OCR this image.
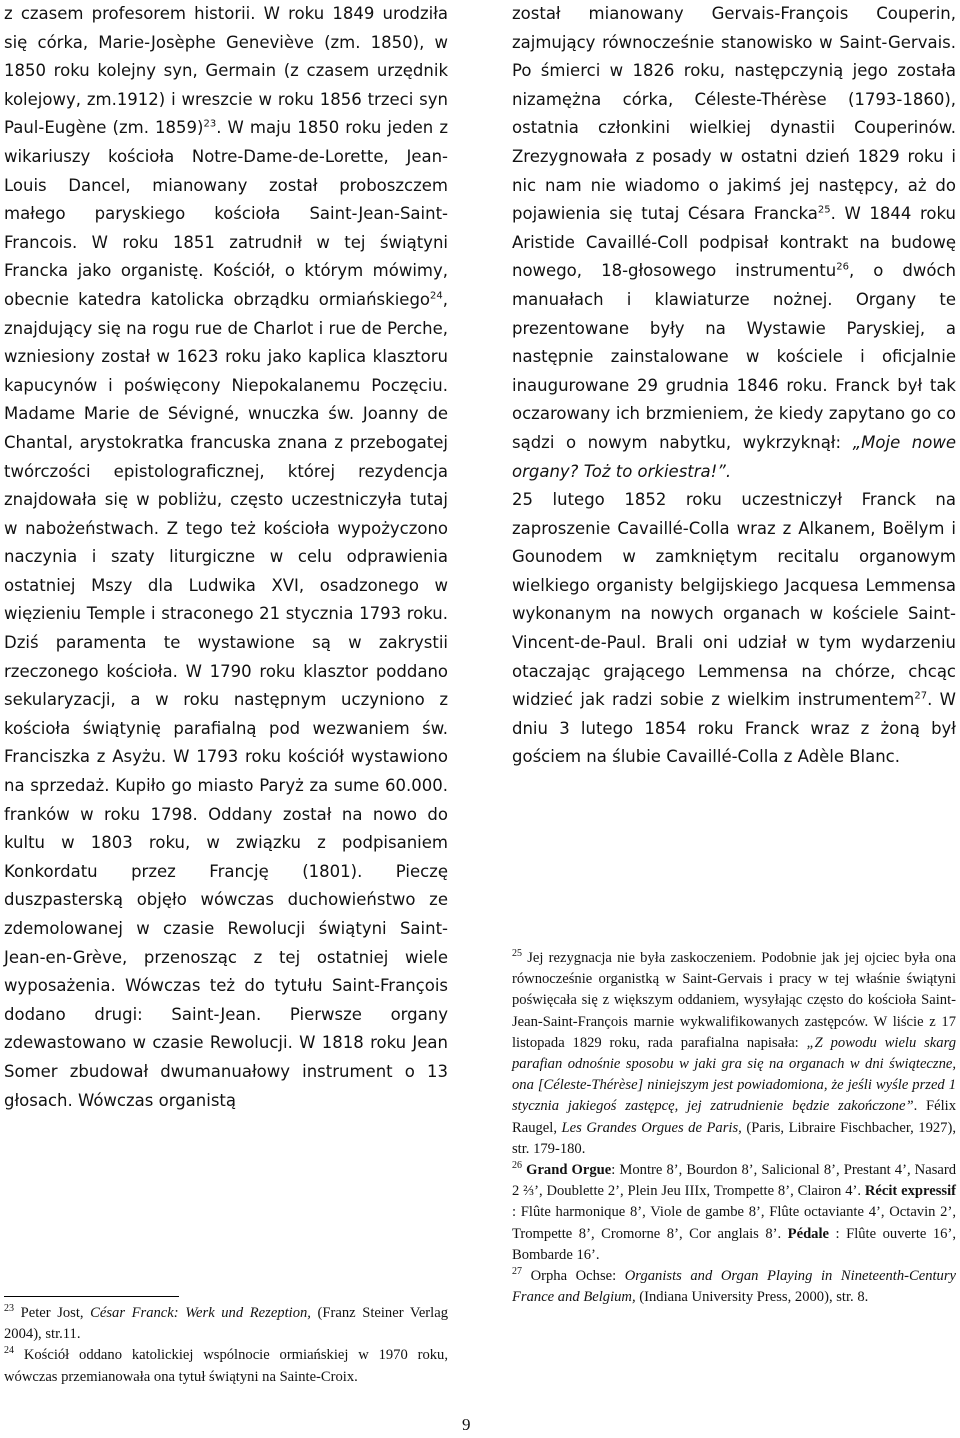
z czasem profesorem historii. W roku 1849 urodziła się córka, Marie-Josèphe Geneviève (zm. 1850), w 1850 roku kolejny syn, Germain (z czasem urzędnik kolejowy, zm.1912) i wreszcie w roku 1856 trzeci syn Paul-Eugène (zm. 1859)$^{23}$. W maju 1850 roku jeden z wikariuszy kościoła Notre-Dame-de-Lorette, Jean-Louis Dancel, mianowany został proboszczem małego paryskiego kościoła Saint-Jean-Saint-Francois. W roku 1851 zatrudnił w tej świątyni Francka jako organistę. Kościół, o którym mówimy, obecnie katedra katolicka obrządku ormiańskiego$^{24}$, znajdujący się na rogu rue de Charlot i rue de Perche, wzniesiony został w 1623 roku jako kaplica klasztoru kapucynów i poświęcony Niepokalanemu Poczęciu. Madame Marie de Sévigné, wnuczka św. Joanny de Chantal, arystokratka francuska znana z przebogatej twórczości epistolograficznej, której rezydencja znajdowała się w pobliżu, często uczestniczyła tutaj w nabożeństwach. Z tego też kościoła wypożyczono naczynia i szaty liturgiczne w celu odprawienia ostatniej Mszy dla Ludwika XVI, osadzonego w więzieniu Temple i straconego 21 stycznia 1793 roku. Dziś paramenta te wystawione są w zakrystii rzeczonego kościoła. W 1790 roku klasztor poddano sekularyzacji, a w roku następnym uczyniono z kościoła świątynię parafialną pod wezwaniem św. Franciszka z Asyżu. W 1793 roku kościół wystawiono na sprzedaż. Kupiło go miasto Paryż za sume 60.000. franków w roku 1798. Oddany został na nowo do kultu w 1803 roku, w związku z podpisaniem Konkordatu przez Francję (1801). Pieczę duszpasterską objęło wówczas duchowieństwo ze zdemolowanej w czasie Rewolucji świątyni Saint-Jean-en-Grève, przenosząc z tej ostatniej wiele wyposażenia. Wówczas też do tytułu Saint-François dodano drugi: Saint-Jean. Pierwsze organy zdewastowano w czasie Rewolucji. W 1818 roku Jean Somer zbudował dwumanuałowy instrument o 13 głosach. Wówczas organistą

$^{23}$ Peter Jost, César Franck: Werk und Rezeption, (Franz Steiner Verlag 2004), str.11.

$^{24}$ Kościół oddano katolickiej wspólnocie ormiańskiej w 1970 roku, wówczas przemianowała ona tytuł świątyni na Sainte-Croix.

został mianowany Gervais-François Couperin, zajmujący równocześnie stanowisko w Saint-Gervais. Po śmierci w 1826 roku, następczynią jego została nizamężna córka, Céleste-Thérèse (1793-1860), ostatnia członkini wielkiej dynastii Couperinów. Zrezygnowała z posady w ostatni dzień 1829 roku i nic nam nie wiadomo o jakimś jej następcy, aż do pojawienia się tutaj Césara Francka$^{25}$. W 1844 roku Aristide Cavaillé-Coll podpisał kontrakt na budowę nowego, 18-głosowego instrumentu$^{26}$, o dwóch manuałach i klawiaturze nożnej. Organy te prezentowane były na Wystawie Paryskiej, a następnie zainstalowane w kościele i oficjalnie inaugurowane 29 grudnia 1846 roku. Franck był tak oczarowany ich brzmieniem, że kiedy zapytano go co sądzi o nowym nabytku, wykrzyknął: „Moje nowe organy? Toż to orkiestra!”.

25 lutego 1852 roku uczestniczył Franck na zaproszenie Cavaillé-Colla wraz z Alkanem, Boëlym i Gounodem w zamkniętym recitalu organowym wielkiego organisty belgijskiego Jacquesa Lemmensa wykonanym na nowych organach w kościele Saint-Vincent-de-Paul. Brali oni udział w tym wydarzeniu otaczając grającego Lemmensa na chórze, chcąc widzieć jak radzi sobie z wielkim instrumentem$^{27}$. W dniu 3 lutego 1854 roku Franck wraz z żoną był gościem na ślubie Cavaillé-Colla z Adèle Blanc.

$^{25}$ Jej rezygnacja nie była zaskoczeniem. Podobnie jak jej ojciec była ona równocześnie organistką w Saint-Gervais i pracy w tej właśnie świątyni poświęcała się z większym oddaniem, wysyłając często do kościoła Saint-Jean-Saint-François marnie wykwalifikowanych zastępców. W liście z 17 listopada 1829 roku, rada parafialna napisała: „Z powodu wielu skarg parafian odnośnie sposobu w jaki gra się na organach w dni świąteczne, ona [Céleste-Thérèse] niniejszym jest powiadomiona, że jeśli wyśle przed 1 stycznia jakiegoś zastępcę, jej zatrudnienie będzie zakończone”. Félix Raugel, Les Grandes Orgues de Paris, (Paris, Libraire Fischbacher, 1927), str. 179-180.

$^{26}$ Grand Orgue: Montre 8’, Bourdon 8’, Salicional 8’, Prestant 4’, Nasard 2 ⅔’, Doublette 2’, Plein Jeu IIIx, Trompette 8’, Clairon 4’. Récit expressif : Flûte harmonique 8’, Viole de gambe 8’, Flûte octaviante 4’, Octavin 2’, Trompette 8’, Cromorne 8’, Cor anglais 8’. Pédale : Flûte ouverte 16’, Bombarde 16’.

$^{27}$ Orpha Ochse: Organists and Organ Playing in Nineteenth-Century France and Belgium, (Indiana University Press, 2000), str. 8.

9
